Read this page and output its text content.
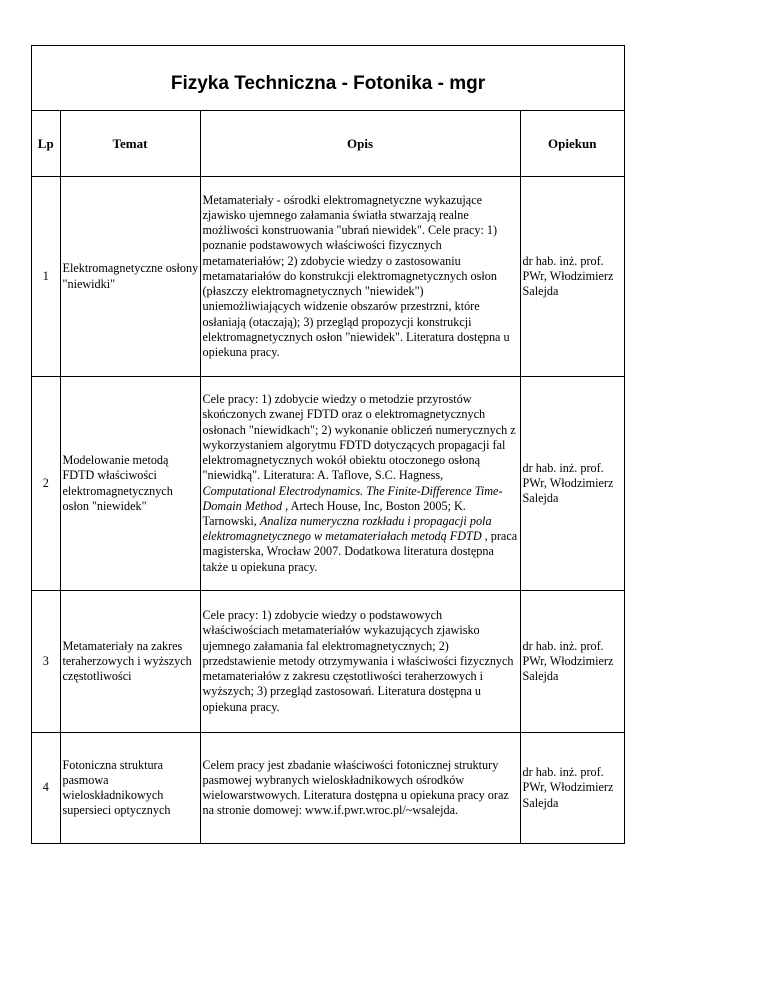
Fizyka Techniczna - Fotonika - mgr
Lp	Temat	Opis	Opiekun
1	Elektromagnetyczne osłony "niewidki"	Metamateriały - ośrodki elektromagnetyczne wykazujące zjawisko ujemnego załamania światła stwarzają realne możliwości konstruowania "ubrań niewidek". Cele pracy: 1) poznanie podstawowych właściwości fizycznych metamateriałów; 2) zdobycie wiedzy o zastosowaniu metamatariałów do konstrukcji elektromagnetycznych osłon (płaszczy elektromagnetycznych "niewidek") uniemożliwiających widzenie obszarów przestrzni, które osłaniają (otaczają); 3) przegląd propozycji konstrukcji elektromagnetycznych osłon "niewidek". Literatura dostępna u opiekuna pracy.	dr hab. inż. prof. PWr, Włodzimierz Salejda
2	Modelowanie metodą FDTD właściwości elektromagnetycznych osłon "niewidek"	Cele pracy: 1) zdobycie wiedzy o metodzie przyrostów skończonych zwanej FDTD oraz o elektromagnetycznych osłonach "niewidkach"; 2) wykonanie obliczeń numerycznych z wykorzystaniem algorytmu FDTD dotyczących propagacji fal elektromagnetycznych wokół obiektu otoczonego osłoną "niewidką". Literatura: A. Taflove, S.C. Hagness, Computational Electrodynamics. The Finite-Difference Time-Domain Method , Artech House, Inc, Boston 2005; K. Tarnowski, Analiza numeryczna rozkładu i propagacji pola elektromagnetycznego w metamateriałach metodą FDTD , praca magisterska, Wrocław 2007. Dodatkowa literatura dostępna także u opiekuna pracy.	dr hab. inż. prof. PWr, Włodzimierz Salejda
3	Metamateriały na zakres teraherzowych i wyższych częstotliwości	Cele pracy: 1) zdobycie wiedzy o podstawowych właściwościach metamateriałów wykazujących zjawisko ujemnego załamania fal elektromagnetycznych; 2) przedstawienie metody otrzymywania i właściwości fizycznych metamateriałów z zakresu częstotliwości teraherzowych i wyższych; 3) przegląd zastosowań. Literatura dostępna u opiekuna pracy.	dr hab. inż. prof. PWr, Włodzimierz Salejda
4	Fotoniczna struktura pasmowa wieloskładnikowych supersieci optycznych	Celem pracy jest zbadanie właściwości fotonicznej struktury pasmowej wybranych wieloskładnikowych ośrodków wielowarstwowych. Literatura dostępna u opiekuna pracy oraz na stronie domowej: www.if.pwr.wroc.pl/~wsalejda.	dr hab. inż. prof. PWr, Włodzimierz Salejda
